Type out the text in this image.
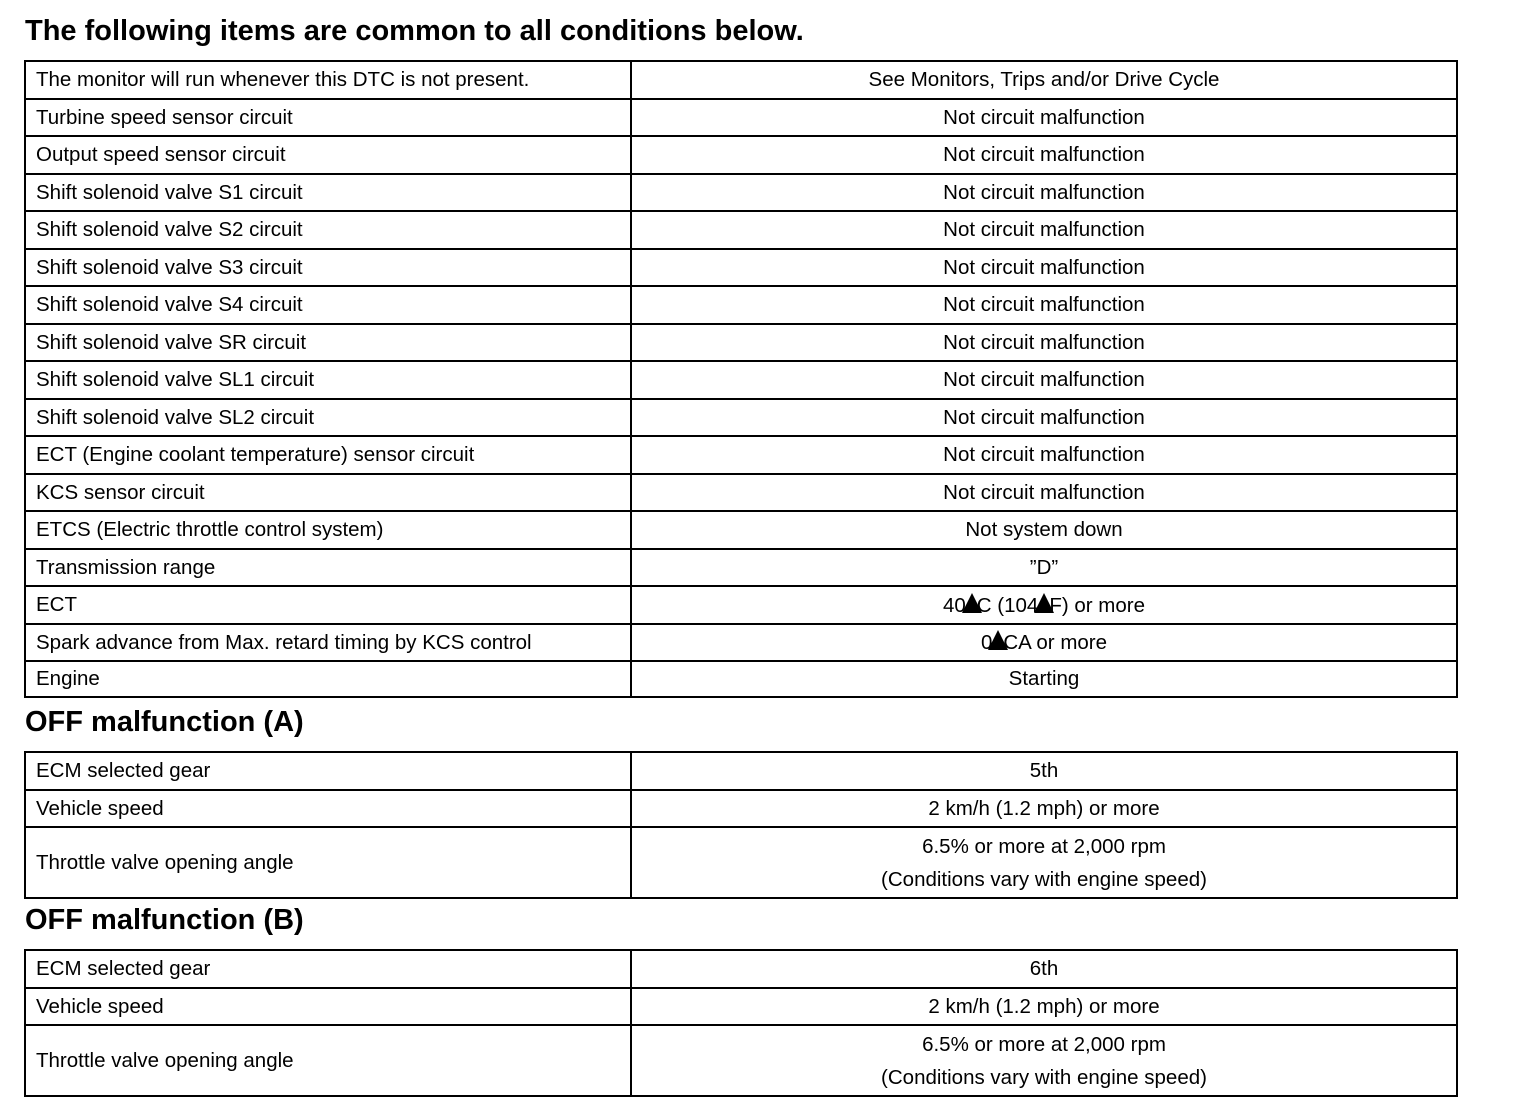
The following items are common to all conditions below.
The monitor will run whenever this DTC is not present.	See Monitors, Trips and/or Drive Cycle
Turbine speed sensor circuit	Not circuit malfunction
Output speed sensor circuit	Not circuit malfunction
Shift solenoid valve S1 circuit	Not circuit malfunction
Shift solenoid valve S2 circuit	Not circuit malfunction
Shift solenoid valve S3 circuit	Not circuit malfunction
Shift solenoid valve S4 circuit	Not circuit malfunction
Shift solenoid valve SR circuit	Not circuit malfunction
Shift solenoid valve SL1 circuit	Not circuit malfunction
Shift solenoid valve SL2 circuit	Not circuit malfunction
ECT (Engine coolant temperature) sensor circuit	Not circuit malfunction
KCS sensor circuit	Not circuit malfunction
ETCS (Electric throttle control system)	Not system down
Transmission range	”D”
ECT	40 C (104 F) or more
Spark advance from Max. retard timing by KCS control	0 CA or more
Engine	Starting
OFF malfunction (A)
ECM selected gear	5th
Vehicle speed	2 km/h (1.2 mph) or more
Throttle valve opening angle	6.5% or more at 2,000 rpm
(Conditions vary with engine speed)
OFF malfunction (B)
ECM selected gear	6th
Vehicle speed	2 km/h (1.2 mph) or more
Throttle valve opening angle	6.5% or more at 2,000 rpm
(Conditions vary with engine speed)
